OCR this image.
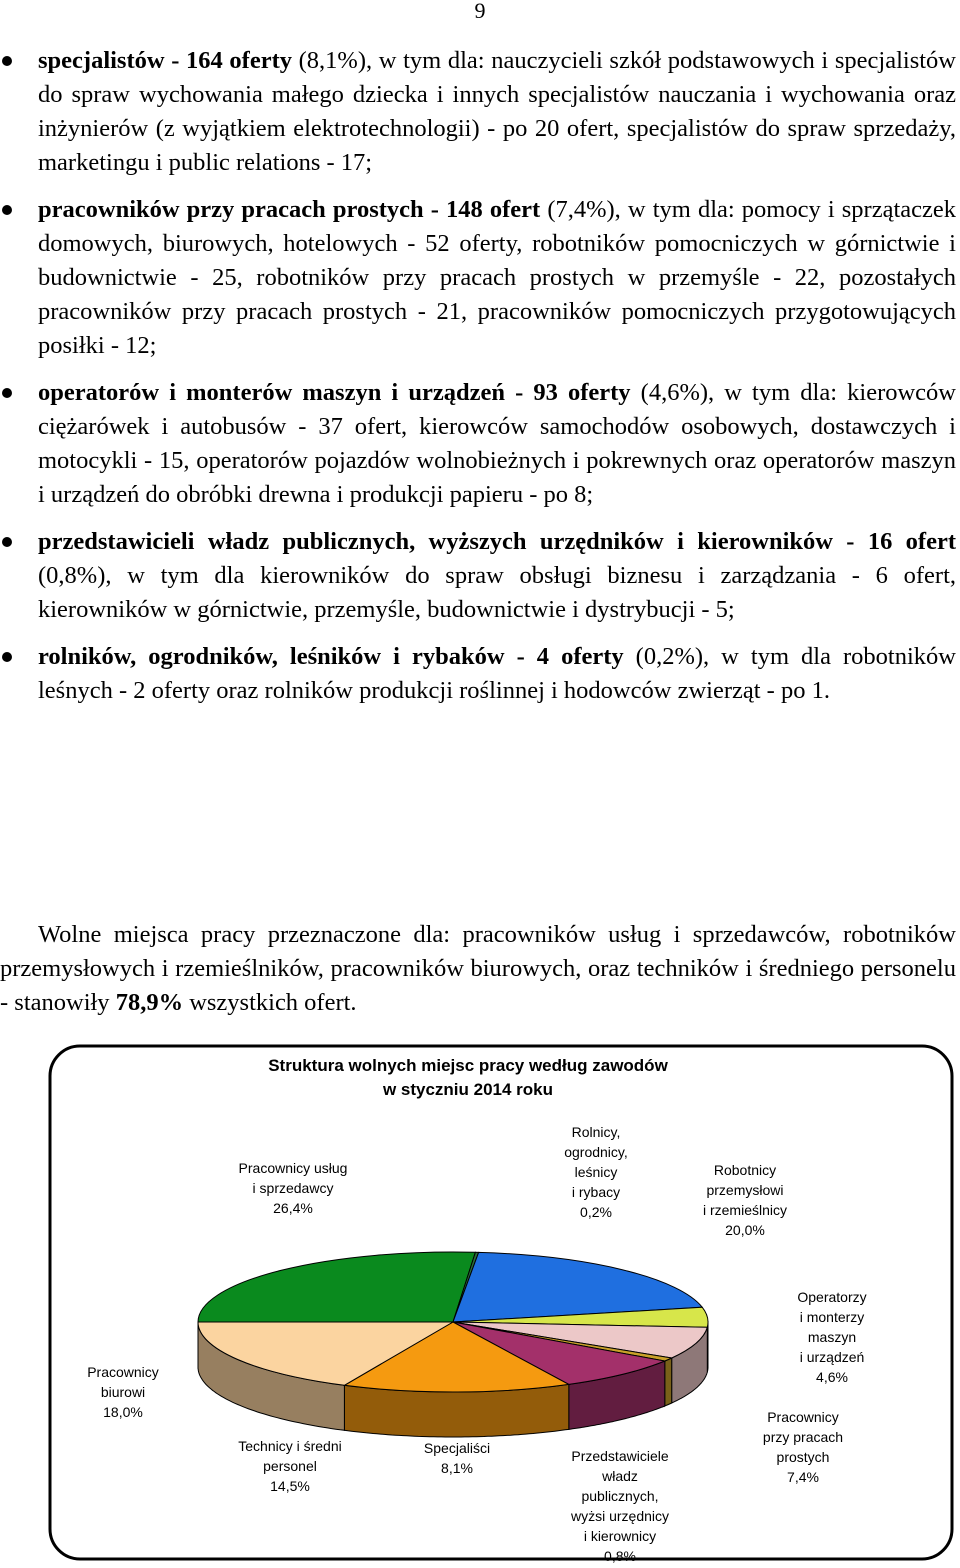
9
specjalistów - 164 oferty (8,1%), w tym dla: nauczycieli szkół podstawowych i specjalistów do spraw wychowania małego dziecka i innych specjalistów nauczania i wychowania oraz inżynierów (z wyjątkiem elektrotechnologii) - po 20 ofert, specjalistów do spraw sprzedaży, marketingu i public relations - 17;
pracowników przy pracach prostych - 148 ofert (7,4%), w tym dla: pomocy i sprzątaczek domowych, biurowych, hotelowych - 52 oferty, robotników pomocniczych w górnictwie i budownictwie - 25, robotników przy pracach prostych w przemyśle - 22, pozostałych pracowników przy pracach prostych - 21, pracowników pomocniczych przygotowujących posiłki - 12;
operatorów i monterów maszyn i urządzeń - 93 oferty (4,6%), w tym dla: kierowców ciężarówek i autobusów - 37 ofert, kierowców samochodów osobowych, dostawczych i motocykli - 15, operatorów pojazdów wolnobieżnych i pokrewnych oraz operatorów maszyn i urządzeń do obróbki drewna i produkcji papieru - po 8;
przedstawicieli władz publicznych, wyższych urzędników i kierowników - 16 ofert (0,8%), w tym dla kierowników do spraw obsługi biznesu i zarządzania - 6 ofert, kierowników w górnictwie, przemyśle, budownictwie i dystrybucji - 5;
rolników, ogrodników, leśników i rybaków - 4 oferty (0,2%), w tym dla robotników leśnych - 2 oferty oraz rolników produkcji roślinnej i hodowców zwierząt - po 1.

Wolne miejsca pracy przeznaczone dla: pracowników usług i sprzedawców, robotników przemysłowych i rzemieślników, pracowników biurowych, oraz techników i średniego personelu - stanowiły 78,9% wszystkich ofert.

Struktura wolnych miejsc pracy według zawodów
w styczniu 2014 roku
Pracownicy usług
i sprzedawcy
26,4%
Rolnicy,
ogrodnicy,
leśnicy
i rybacy
0,2%
Robotnicy
przemysłowi
i rzemieślnicy
20,0%
Operatorzy
i monterzy
maszyn
i urządzeń
4,6%
Pracownicy
przy pracach
prostych
7,4%
Przedstawiciele
władz
publicznych,
wyżsi urzędnicy
i kierownicy
0,8%
Specjaliści
8,1%
Technicy i średni
personel
14,5%
Pracownicy
biurowi
18,0%
